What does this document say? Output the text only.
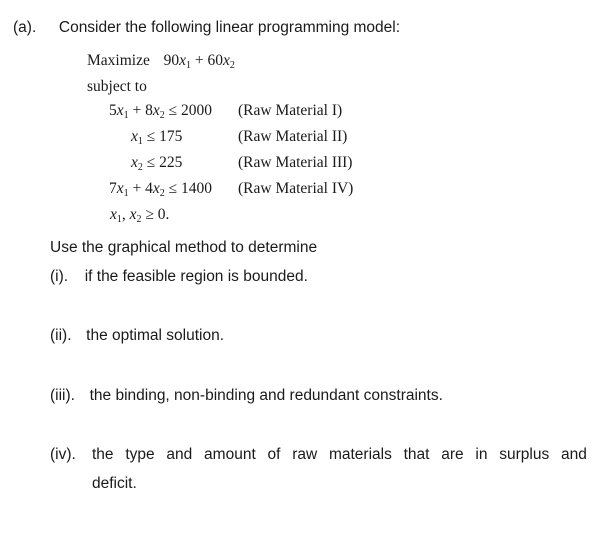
(a). Consider the following linear programming model:
Maximize $90x_1 + 60x_2$
subject to
$5x_1 + 8x_2 \le 2000$ (Raw Material I)
$x_1 \le 175$	(Raw Material II)
$x_2 \le 225$	(Raw Material III)
$7x_1 + 4x_2 \le 1400$ (Raw Material IV)
$x_1$, $x_2 \ge 0$.
Use the graphical method to determine
(i). if the feasible region is bounded.
(ii). the optimal solution.
(iii). the binding, non-binding and redundant constraints.
(iv). the type and amount of raw materials that are in surplus and
deficit.
